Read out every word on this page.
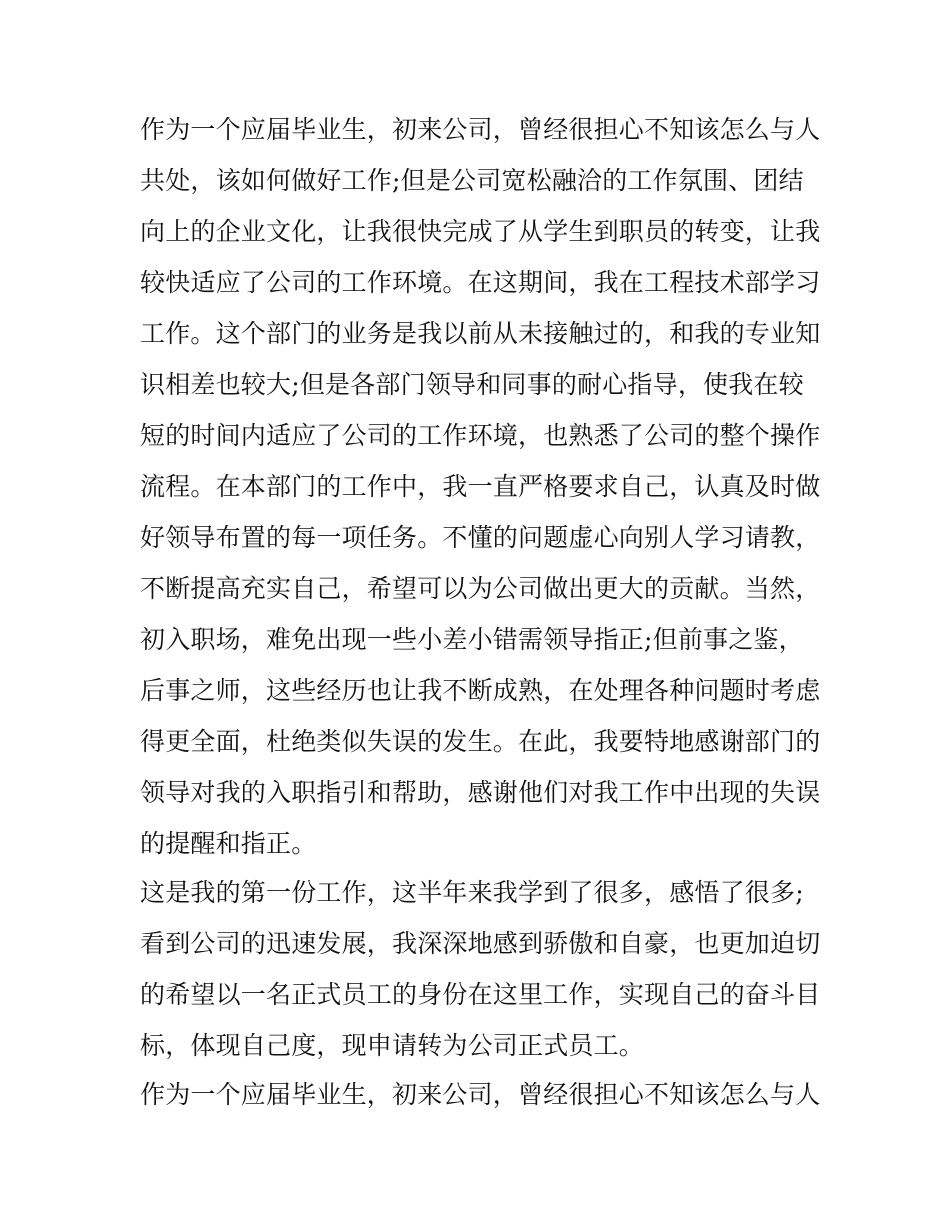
作为一个应届毕业生，初来公司，曾经很担心不知该怎么与人
共处，该如何做好工作;但是公司宽松融洽的工作氛围、团结
向上的企业文化，让我很快完成了从学生到职员的转变，让我
较快适应了公司的工作环境。在这期间，我在工程技术部学习
工作。这个部门的业务是我以前从未接触过的，和我的专业知
识相差也较大;但是各部门领导和同事的耐心指导，使我在较
短的时间内适应了公司的工作环境，也熟悉了公司的整个操作
流程。在本部门的工作中，我一直严格要求自己，认真及时做
好领导布置的每一项任务。不懂的问题虚心向别人学习请教，
不断提高充实自己，希望可以为公司做出更大的贡献。当然，
初入职场，难免出现一些小差小错需领导指正;但前事之鉴，
后事之师，这些经历也让我不断成熟，在处理各种问题时考虑
得更全面，杜绝类似失误的发生。在此，我要特地感谢部门的
领导对我的入职指引和帮助，感谢他们对我工作中出现的失误
的提醒和指正。
这是我的第一份工作，这半年来我学到了很多，感悟了很多;
看到公司的迅速发展，我深深地感到骄傲和自豪，也更加迫切
的希望以一名正式员工的身份在这里工作，实现自己的奋斗目
标，体现自己度，现申请转为公司正式员工。
作为一个应届毕业生，初来公司，曾经很担心不知该怎么与人
